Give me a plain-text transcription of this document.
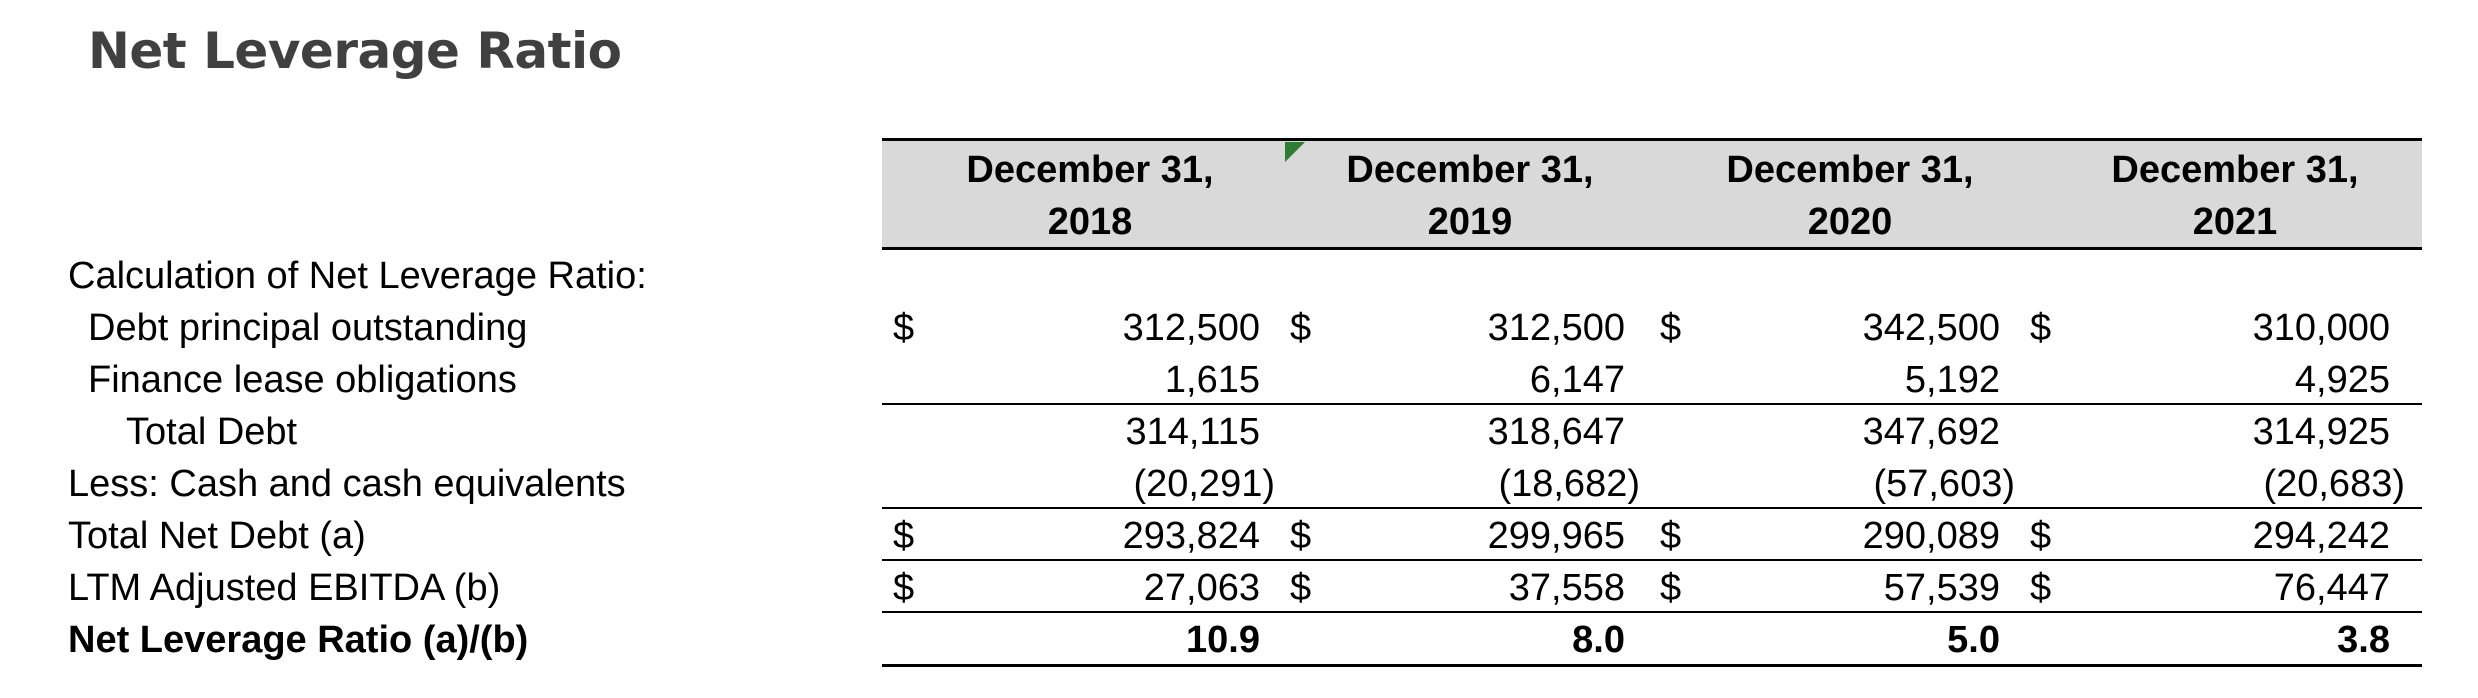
Net Leverage Ratio
December 31,
2018
December 31,
2019
December 31,
2020
December 31,
2021
Calculation of Net Leverage Ratio:
Debt principal outstanding	$	312,500 $	312,500 $	342,500 $	310,000
Finance lease obligations	1,615	6,147	5,192	4,925
Total Debt	314,115	318,647	347,692	314,925
Less: Cash and cash equivalents	(20,291)	(18,682)	(57,603)	(20,683)
Total Net Debt (a)	$	293,824 $	299,965 $	290,089 $	294,242
LTM Adjusted EBITDA (b)	$	27,063 $	37,558 $	57,539 $	76,447
Net Leverage Ratio (a)/(b)	10.9	8.0	5.0	3.8
